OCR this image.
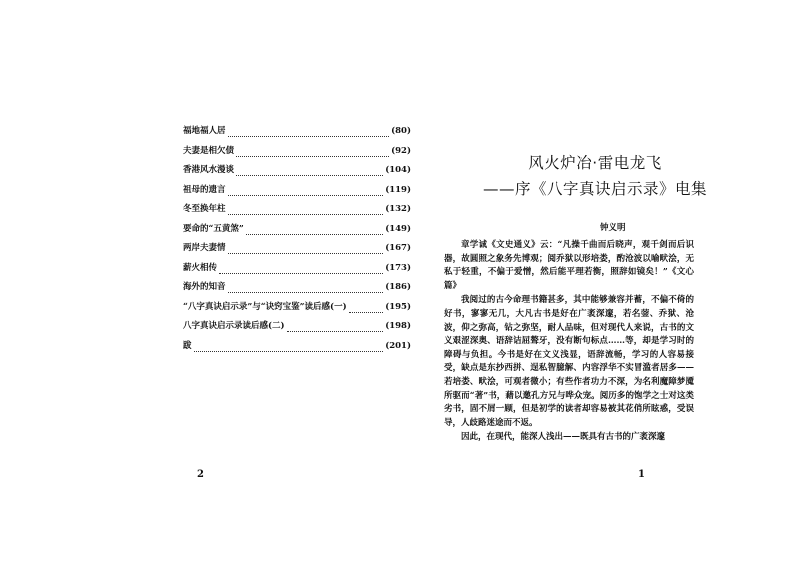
福地福人居	(80)
夫妻是相欠债	(92)
香港风水漫谈	(104)
祖母的遗言	(119)
冬至换年柱	(132)
要命的“五黄煞”	(149)
两岸夫妻情	(167)
薪火相传	(173)
海外的知音	(186)
“八字真诀启示录”与“诀窍宝鉴”读后感(一)	(195)
八字真诀启示录读后感(二)	(198)
跋	(201)
2
风火炉冶·雷电龙飞
——序《八字真诀启示录》电集
钟义明

章学诚《文史通义》云：“凡操千曲而后晓声，观千剑而后识器，故圆照之象务先博观；阅乔狱以形培娄，酌沧波以喻畎浍，无私于轻重，不偏于爱憎，然后能平理若衡，照辞如镜矣！”《文心篇》

我阅过的古今命理书籍甚多，其中能够兼容并蓄，不偏不倚的好书，寥寥无几，大凡古书是好在广袤深邃，若名蓥、乔狱、沧波，仰之弥高，钻之弥坚，耐人品味，但对现代人来说，古书的文义艰涩深奥、语辞诘屈聱牙，没有断句标点……等，却是学习时的障碍与负担。今书是好在文义浅显，语辞流畅，学习的人容易接受，缺点是东抄西拼、逞私智臆解、内容浮华不实冒滥者居多——若培娄、畎浍，可观者微小；有些作者功力不深，为名利魔障梦魇所驱而“著”书，藉以邀孔方兄与哗众宠。阅历多的饱学之士对这类劣书，固不屑一顾，但是初学的读者却容易被其花俏所眩惑，受误导，人歧路迷途而不返。

因此，在现代，能深人浅出——既具有古书的广袤深邃

1
